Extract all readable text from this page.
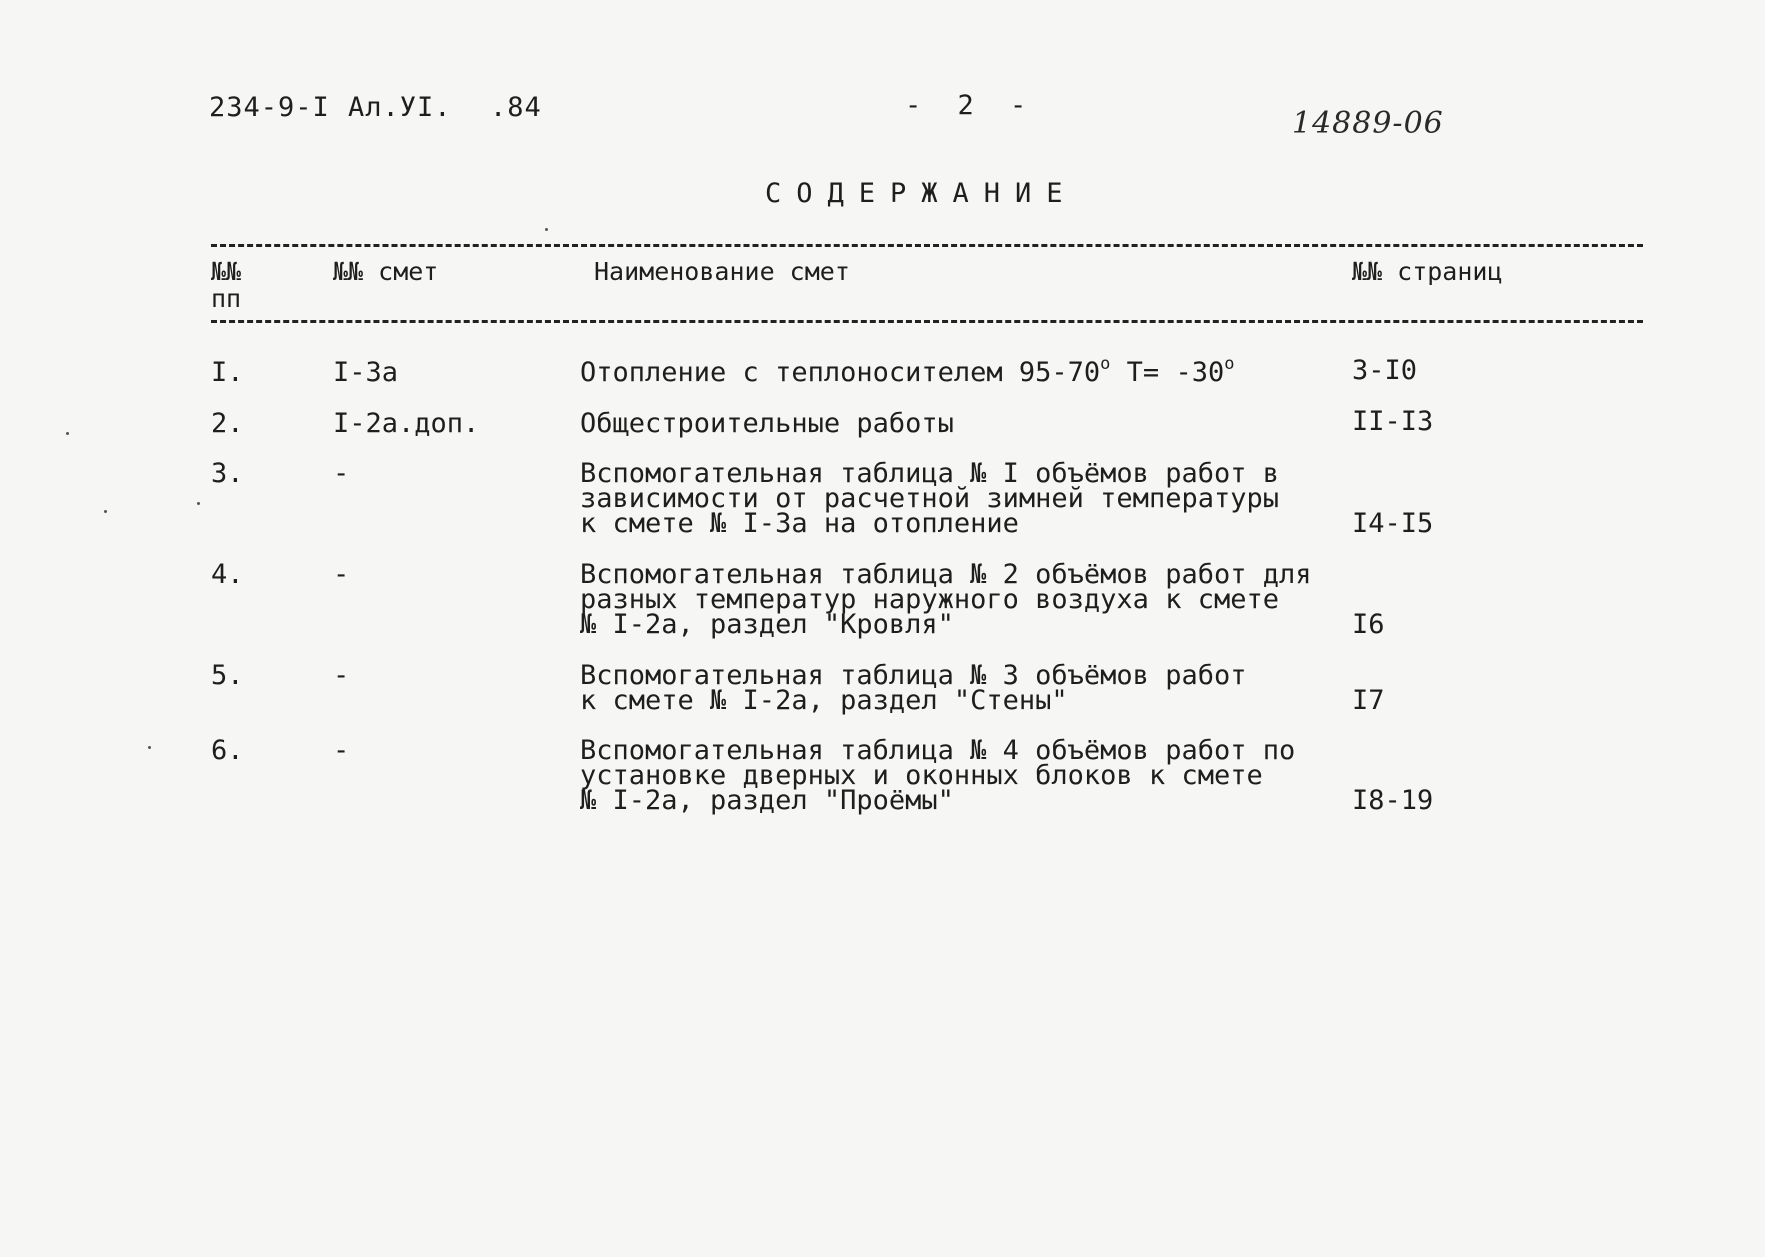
234-9-I Ал.УI. .84	- 2 -
14889-06
СОДЕРЖАНИЕ
№№
пп
№№ смет	Наименование смет	№№ страниц
I.	I-3а	Отопление с теплоносителем $95-70^о$ $Т= -30^о$	3-I0
2.	I-2а.доп.	Общестроительные работы	II-I3
3.	-	Вспомогательная таблица № I объёмов работ в
зависимости от расчетной зимней температуры
к смете № I-3а на отопление	I4-I5
4.	-	Вспомогательная таблица № 2 объёмов работ для
разных температур наружного воздуха к смете
№ I-2а, раздел "Кровля"	I6
5.	-	Вспомогательная таблица № 3 объёмов работ
к смете № I-2а, раздел "Стены"	I7
6.	-	Вспомогательная таблица № 4 объёмов работ по
установке дверных и оконных блоков к смете
№ I-2а, раздел "Проёмы"	I8-19
